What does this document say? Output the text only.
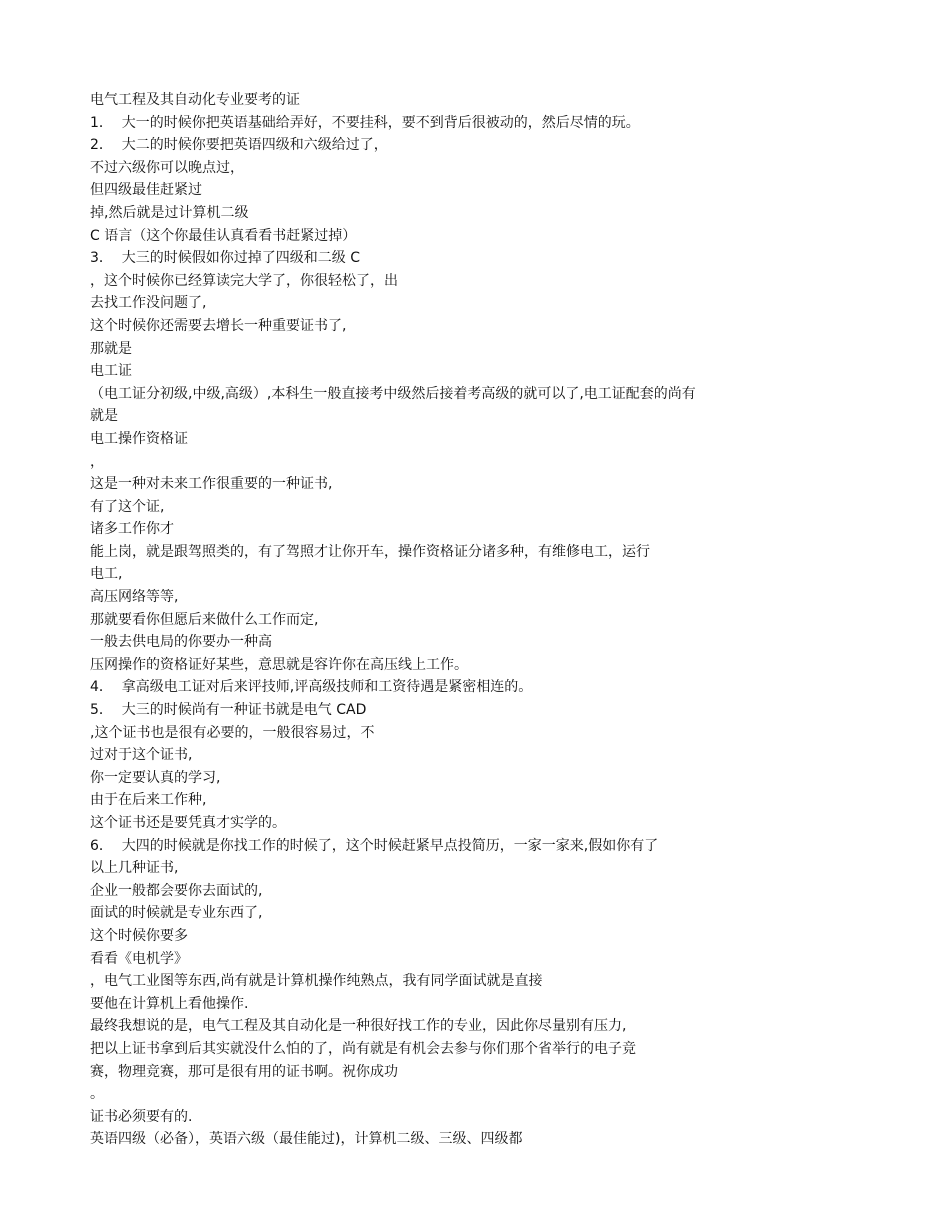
电气工程及其自动化专业要考的证
1．  大一的时候你把英语基础给弄好，不要挂科，要不到背后很被动的，然后尽情的玩。
2．  大二的时候你要把英语四级和六级给过了，
不过六级你可以晚点过，
但四级最佳赶紧过
掉,然后就是过计算机二级
C 语言（这个你最佳认真看看书赶紧过掉）
3．  大三的时候假如你过掉了四级和二级 C
，这个时候你已经算读完大学了，你很轻松了，出
去找工作没问题了,
这个时候你还需要去增长一种重要证书了,
那就是
电工证
（电工证分初级,中级,高级）,本科生一般直接考中级然后接着考高级的就可以了,电工证配套的尚有
就是
电工操作资格证
，
这是一种对未来工作很重要的一种证书,
有了这个证,
诸多工作你才
能上岗，就是跟驾照类的，有了驾照才让你开车，操作资格证分诸多种，有维修电工，运行
电工,
高压网络等等,
那就要看你但愿后来做什么工作而定,
一般去供电局的你要办一种高
压网操作的资格证好某些，意思就是容许你在高压线上工作。
4．  拿高级电工证对后来评技师,评高级技师和工资待遇是紧密相连的。
5．  大三的时候尚有一种证书就是电气 CAD
,这个证书也是很有必要的，一般很容易过，不
过对于这个证书,
你一定要认真的学习,
由于在后来工作种,
这个证书还是要凭真才实学的。
6．  大四的时候就是你找工作的时候了，这个时候赶紧早点投简历，一家一家来,假如你有了
以上几种证书,
企业一般都会要你去面试的,
面试的时候就是专业东西了,
这个时候你要多
看看《电机学》
，电气工业图等东西,尚有就是计算机操作纯熟点，我有同学面试就是直接
要他在计算机上看他操作.
最终我想说的是，电气工程及其自动化是一种很好找工作的专业，因此你尽量别有压力,
把以上证书拿到后其实就没什么怕的了，尚有就是有机会去参与你们那个省举行的电子竞
赛，物理竞赛，那可是很有用的证书啊。祝你成功
。
证书必须要有的.
英语四级（必备），英语六级（最佳能过)，计算机二级、三级、四级都
